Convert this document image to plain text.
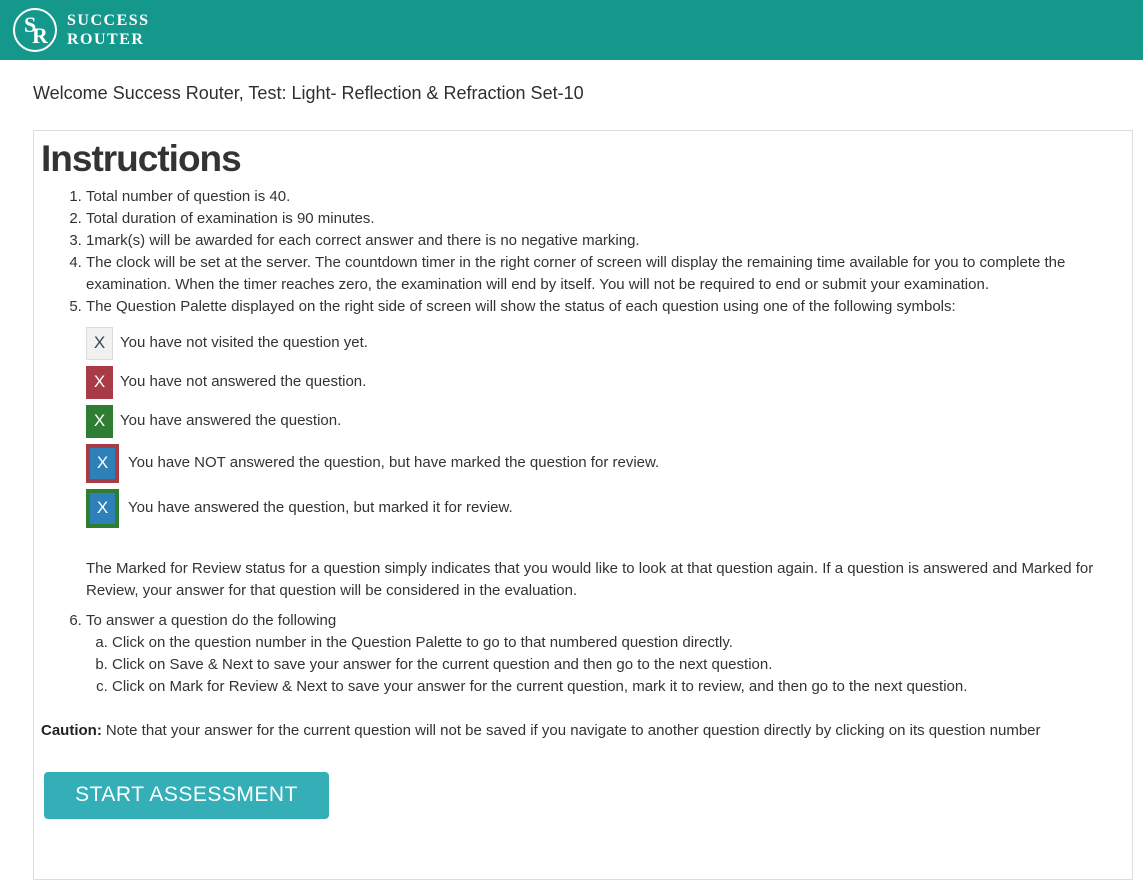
S
R
SUCCESS
ROUTER
Welcome Success Router, Test: Light- Reflection & Refraction Set-10
Instructions
1. Total number of question is 40.
2. Total duration of examination is 90 minutes.
3. 1mark(s) will be awarded for each correct answer and there is no negative marking.
4. The clock will be set at the server. The countdown timer in the right corner of screen will display the remaining time available for you to complete the examination. When the timer reaches zero, the examination will end by itself. You will not be required to end or submit your examination.
5. The Question Palette displayed on the right side of screen will show the status of each question using one of the following symbols:
X You have not visited the question yet.
X You have not answered the question.
X You have answered the question.
X	You have NOT answered the question, but have marked the question for review.
X	You have answered the question, but marked it for review.

The Marked for Review status for a question simply indicates that you would like to look at that question again. If a question is answered and Marked for Review, your answer for that question will be considered in the evaluation.

6. To answer a question do the following
a. Click on the question number in the Question Palette to go to that numbered question directly.
b. Click on Save & Next to save your answer for the current question and then go to the next question.
c. Click on Mark for Review & Next to save your answer for the current question, mark it to review, and then go to the next question.

Caution: Note that your answer for the current question will not be saved if you navigate to another question directly by clicking on its question number

START ASSESSMENT
